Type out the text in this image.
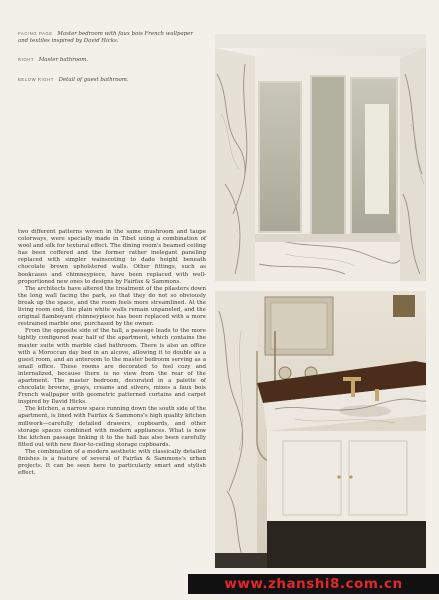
FACING PAGE Master bedroom with faux bois French wallpaper and textiles inspired by David Hicks.

RIGHT Master bathroom.

BELOW RIGHT Detail of guest bathroom.

two different patterns woven in the same mushroom and taupe colorways, were specially made in Tibet using a combination of wool and silk for textural effect. The dining room's beamed ceiling has been coffered and the former rather inelegant paneling replaced with simpler wainscoting to dado height beneath chocolate brown upholstered walls. Other fittings, such as bookcases and chimneypiece, have been replaced with well-proportioned new ones to designs by Fairfax & Sammons.

The architects have altered the treatment of the pilasters down the long wall facing the park, so that they do not so obviously break up the space, and the room feels more streamlined. At the living room end, the plain white walls remain unpaneled, and the original flamboyant chimneypiece has been replaced with a more restrained marble one, purchased by the owner.

From the opposite side of the hall, a passage leads to the more tightly configured rear half of the apartment, which contains the master suite with marble clad bathroom. There is also an office with a Moroccan day bed in an alcove, allowing it to double as a guest room, and an anteroom to the master bedroom serving as a small office. These rooms are decorated to feel cozy and internalized, because there is no view from the rear of the apartment. The master bedroom, decorated in a palette of chocolate browns, grays, creams and silvers, mixes a faux bois French wallpaper with geometric patterned curtains and carpet inspired by David Hicks.

The kitchen, a narrow space running down the south side of the apartment, is lined with Fairfax & Sammons's high quality kitchen millwork—carefully detailed drawers, cupboards, and other storage spaces combined with modern appliances. What is now the kitchen passage linking it to the hall has also been carefully fitted out with new floor-to-ceiling storage cupboards.

The combination of a modern aesthetic with classically detailed finishes is a feature of several of Fairfax & Sammons's urban projects. It can be seen here to particularly smart and stylish effect.

www.zhanshi8.com.cn
